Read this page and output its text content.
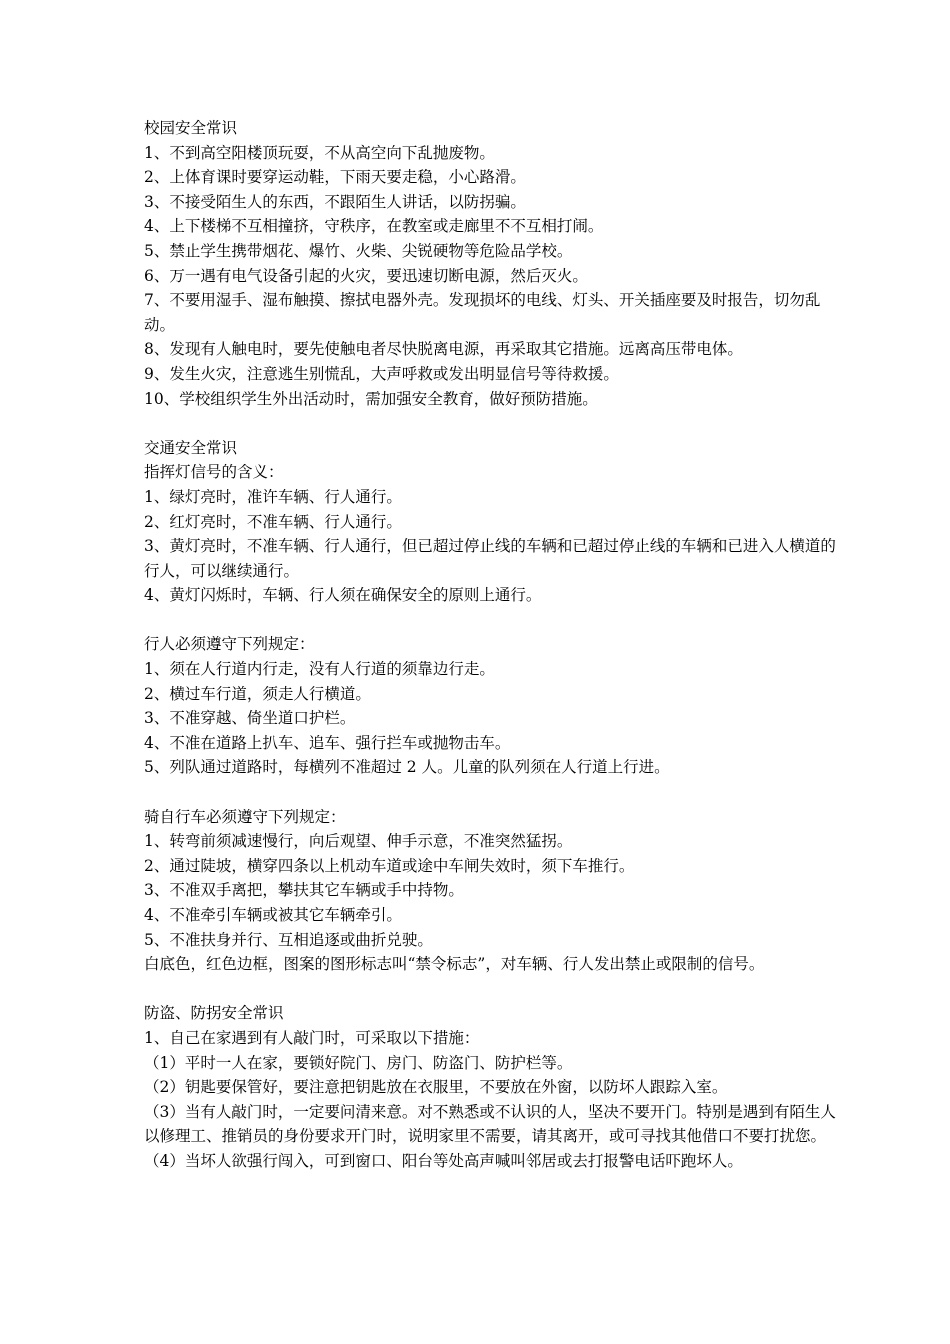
校园安全常识

1、不到高空阳楼顶玩耍，不从高空向下乱抛废物。

2、上体育课时要穿运动鞋，下雨天要走稳，小心路滑。

3、不接受陌生人的东西，不跟陌生人讲话，以防拐骗。

4、上下楼梯不互相撞挤，守秩序，在教室或走廊里不不互相打闹。

5、禁止学生携带烟花、爆竹、火柴、尖锐硬物等危险品学校。

6、万一遇有电气设备引起的火灾，要迅速切断电源，然后灭火。

7、不要用湿手、湿布触摸、擦拭电器外壳。发现损坏的电线、灯头、开关插座要及时报告，切勿乱动。

8、发现有人触电时，要先使触电者尽快脱离电源，再采取其它措施。远离高压带电体。

9、发生火灾，注意逃生别慌乱，大声呼救或发出明显信号等待救援。

10、学校组织学生外出活动时，需加强安全教育，做好预防措施。

交通安全常识

指挥灯信号的含义：

1、绿灯亮时，准许车辆、行人通行。

2、红灯亮时，不准车辆、行人通行。

3、黄灯亮时，不准车辆、行人通行，但已超过停止线的车辆和已超过停止线的车辆和已进入人横道的行人，可以继续通行。

4、黄灯闪烁时，车辆、行人须在确保安全的原则上通行。

行人必须遵守下列规定：

1、须在人行道内行走，没有人行道的须靠边行走。

2、横过车行道，须走人行横道。

3、不准穿越、倚坐道口护栏。

4、不准在道路上扒车、追车、强行拦车或抛物击车。

5、列队通过道路时，每横列不准超过 2 人。儿童的队列须在人行道上行进。

骑自行车必须遵守下列规定：

1、转弯前须减速慢行，向后观望、伸手示意，不准突然猛拐。

2、通过陡坡，横穿四条以上机动车道或途中车闸失效时，须下车推行。

3、不准双手离把，攀扶其它车辆或手中持物。

4、不准牵引车辆或被其它车辆牵引。

5、不准扶身并行、互相追逐或曲折兑驶。

白底色，红色边框，图案的图形标志叫“禁令标志”，对车辆、行人发出禁止或限制的信号。

防盗、防拐安全常识

1、自己在家遇到有人敲门时，可采取以下措施：

（1）平时一人在家，要锁好院门、房门、防盗门、防护栏等。

（2）钥匙要保管好，要注意把钥匙放在衣服里，不要放在外窗，以防坏人跟踪入室。

（3）当有人敲门时，一定要问清来意。对不熟悉或不认识的人，坚决不要开门。特别是遇到有陌生人以修理工、推销员的身份要求开门时，说明家里不需要，请其离开，或可寻找其他借口不要打扰您。

（4）当坏人欲强行闯入，可到窗口、阳台等处高声喊叫邻居或去打报警电话吓跑坏人。
